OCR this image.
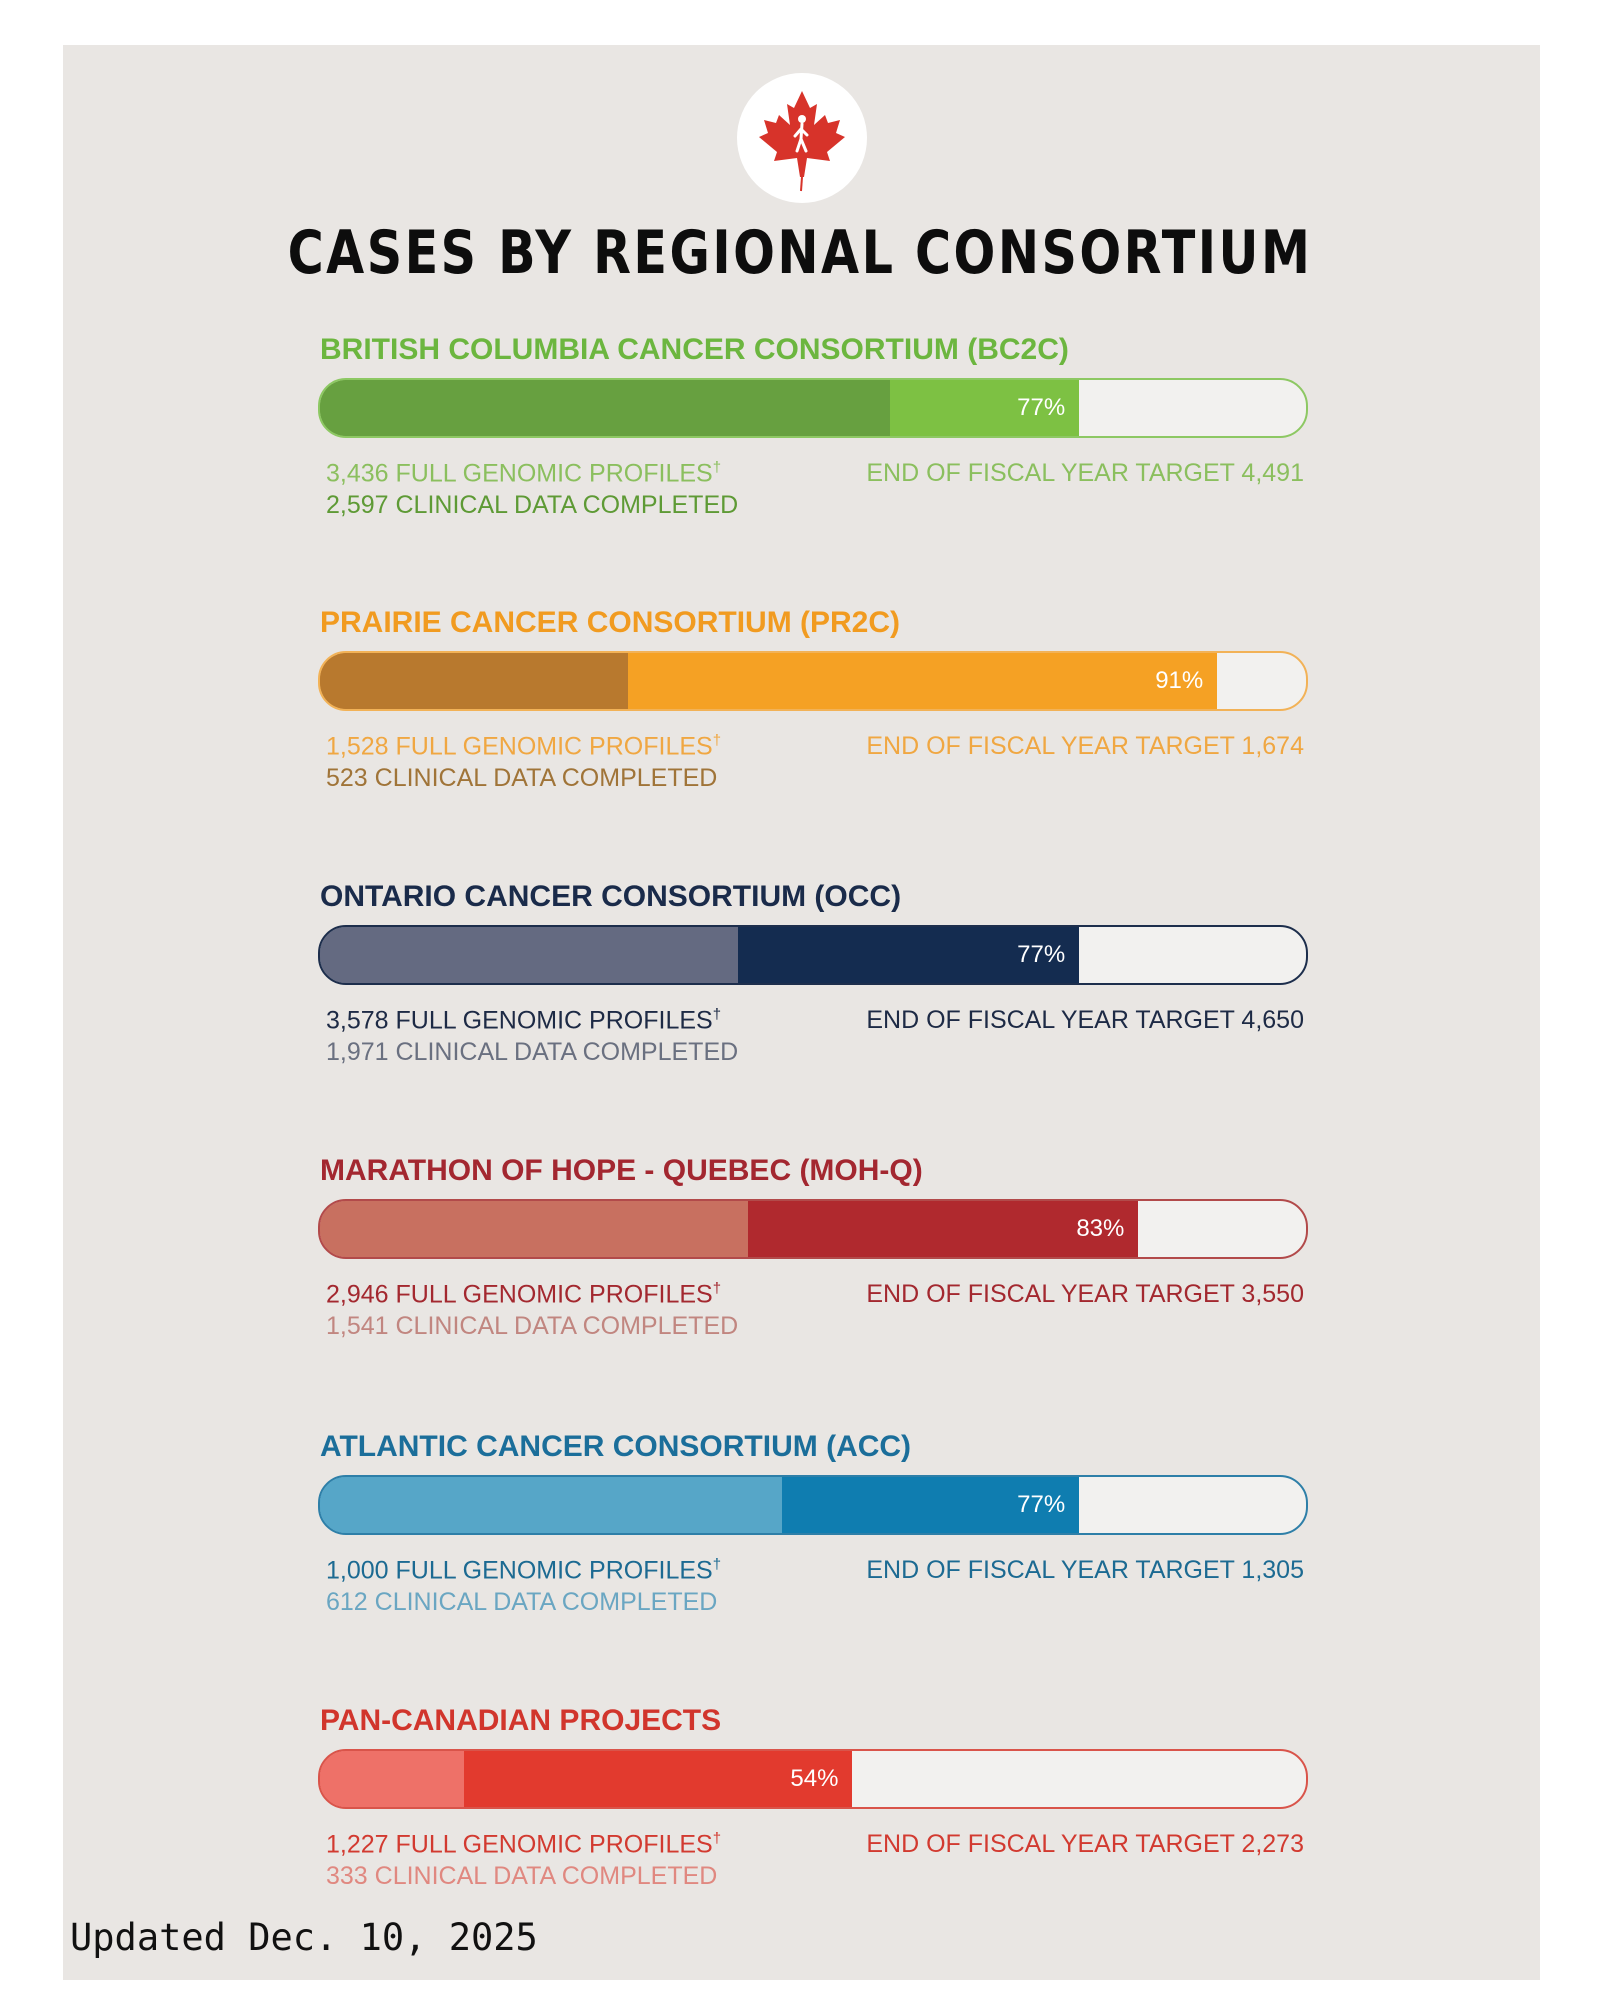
CASES BY REGIONAL CONSORTIUM
BRITISH COLUMBIA CANCER CONSORTIUM (BC2C)
77%
3,436 FULL GENOMIC PROFILES†
2,597 CLINICAL DATA COMPLETED
END OF FISCAL YEAR TARGET 4,491
PRAIRIE CANCER CONSORTIUM (PR2C)
91%
1,528 FULL GENOMIC PROFILES†
523 CLINICAL DATA COMPLETED
END OF FISCAL YEAR TARGET 1,674
ONTARIO CANCER CONSORTIUM (OCC)
77%
3,578 FULL GENOMIC PROFILES†
1,971 CLINICAL DATA COMPLETED
END OF FISCAL YEAR TARGET 4,650
MARATHON OF HOPE - QUEBEC (MOH-Q)
83%
2,946 FULL GENOMIC PROFILES†
1,541 CLINICAL DATA COMPLETED
END OF FISCAL YEAR TARGET 3,550
ATLANTIC CANCER CONSORTIUM (ACC)
77%
1,000 FULL GENOMIC PROFILES†
612 CLINICAL DATA COMPLETED
END OF FISCAL YEAR TARGET 1,305
PAN-CANADIAN PROJECTS
54%
1,227 FULL GENOMIC PROFILES†
333 CLINICAL DATA COMPLETED
END OF FISCAL YEAR TARGET 2,273
Updated Dec. 10, 2025
